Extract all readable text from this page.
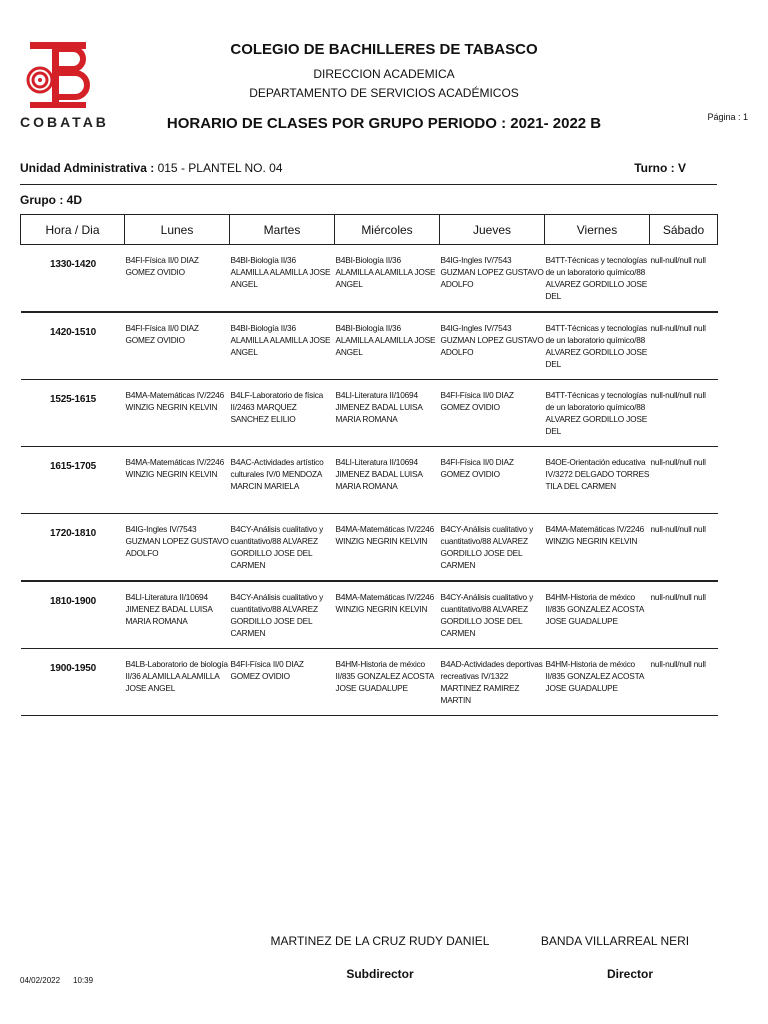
COBATAB
COLEGIO DE BACHILLERES DE TABASCO
DIRECCION ACADEMICA
DEPARTAMENTO DE SERVICIOS ACADÉMICOS
HORARIO DE CLASES POR GRUPO PERIODO : 2021- 2022 B	Página : 1
Unidad Administrativa : 015 - PLANTEL NO. 04	Turno : V
Grupo : 4D
Hora / Dia	Lunes	Martes	Miércoles	Jueves	Viernes	Sábado
1330-1420	B4FI-Física II/0 DIAZ GOMEZ OVIDIO	B4BI-Biología II/36 ALAMILLA ALAMILLA JOSE ANGEL	B4BI-Biología II/36 ALAMILLA ALAMILLA JOSE ANGEL	B4IG-Ingles IV/7543 GUZMAN LOPEZ GUSTAVO ADOLFO	B4TT-Técnicas y tecnologías de un laboratorio químico/88 ALVAREZ GORDILLO JOSE DEL	null-null/null null
1420-1510	B4FI-Física II/0 DIAZ GOMEZ OVIDIO	B4BI-Biología II/36 ALAMILLA ALAMILLA JOSE ANGEL	B4BI-Biología II/36 ALAMILLA ALAMILLA JOSE ANGEL	B4IG-Ingles IV/7543 GUZMAN LOPEZ GUSTAVO ADOLFO	B4TT-Técnicas y tecnologías de un laboratorio químico/88 ALVAREZ GORDILLO JOSE DEL	null-null/null null
1525-1615	B4MA-Matemáticas IV/2246 WINZIG NEGRIN KELVIN	B4LF-Laboratorio de física II/2463 MARQUEZ SANCHEZ ELILIO	B4LI-Literatura II/10694 JIMENEZ BADAL LUISA MARIA ROMANA	B4FI-Física II/0 DIAZ GOMEZ OVIDIO	B4TT-Técnicas y tecnologías de un laboratorio químico/88 ALVAREZ GORDILLO JOSE DEL	null-null/null null
1615-1705	B4MA-Matemáticas IV/2246 WINZIG NEGRIN KELVIN	B4AC-Actividades artístico culturales IV/0 MENDOZA MARCIN MARIELA	B4LI-Literatura II/10694 JIMENEZ BADAL LUISA MARIA ROMANA	B4FI-Física II/0 DIAZ GOMEZ OVIDIO	B4OE-Orientación educativa IV/3272 DELGADO TORRES TILA DEL CARMEN	null-null/null null
1720-1810	B4IG-Ingles IV/7543 GUZMAN LOPEZ GUSTAVO ADOLFO	B4CY-Análisis cualitativo y cuantitativo/88 ALVAREZ GORDILLO JOSE DEL CARMEN	B4MA-Matemáticas IV/2246 WINZIG NEGRIN KELVIN	B4CY-Análisis cualitativo y cuantitativo/88 ALVAREZ GORDILLO JOSE DEL CARMEN	B4MA-Matemáticas IV/2246 WINZIG NEGRIN KELVIN	null-null/null null
1810-1900	B4LI-Literatura II/10694 JIMENEZ BADAL LUISA MARIA ROMANA	B4CY-Análisis cualitativo y cuantitativo/88 ALVAREZ GORDILLO JOSE DEL CARMEN	B4MA-Matemáticas IV/2246 WINZIG NEGRIN KELVIN	B4CY-Análisis cualitativo y cuantitativo/88 ALVAREZ GORDILLO JOSE DEL CARMEN	B4HM-Historia de méxico II/835 GONZALEZ ACOSTA JOSE GUADALUPE	null-null/null null
1900-1950	B4LB-Laboratorio de biología II/36 ALAMILLA ALAMILLA JOSE ANGEL	B4FI-Física II/0 DIAZ GOMEZ OVIDIO	B4HM-Historia de méxico II/835 GONZALEZ ACOSTA JOSE GUADALUPE	B4AD-Actividades deportivas recreativas IV/1322 MARTINEZ RAMIREZ MARTIN	B4HM-Historia de méxico II/835 GONZALEZ ACOSTA JOSE GUADALUPE	null-null/null null
MARTINEZ DE LA CRUZ RUDY DANIEL	BANDA VILLARREAL NERI
Subdirector	Director
04/02/2022 10:39
